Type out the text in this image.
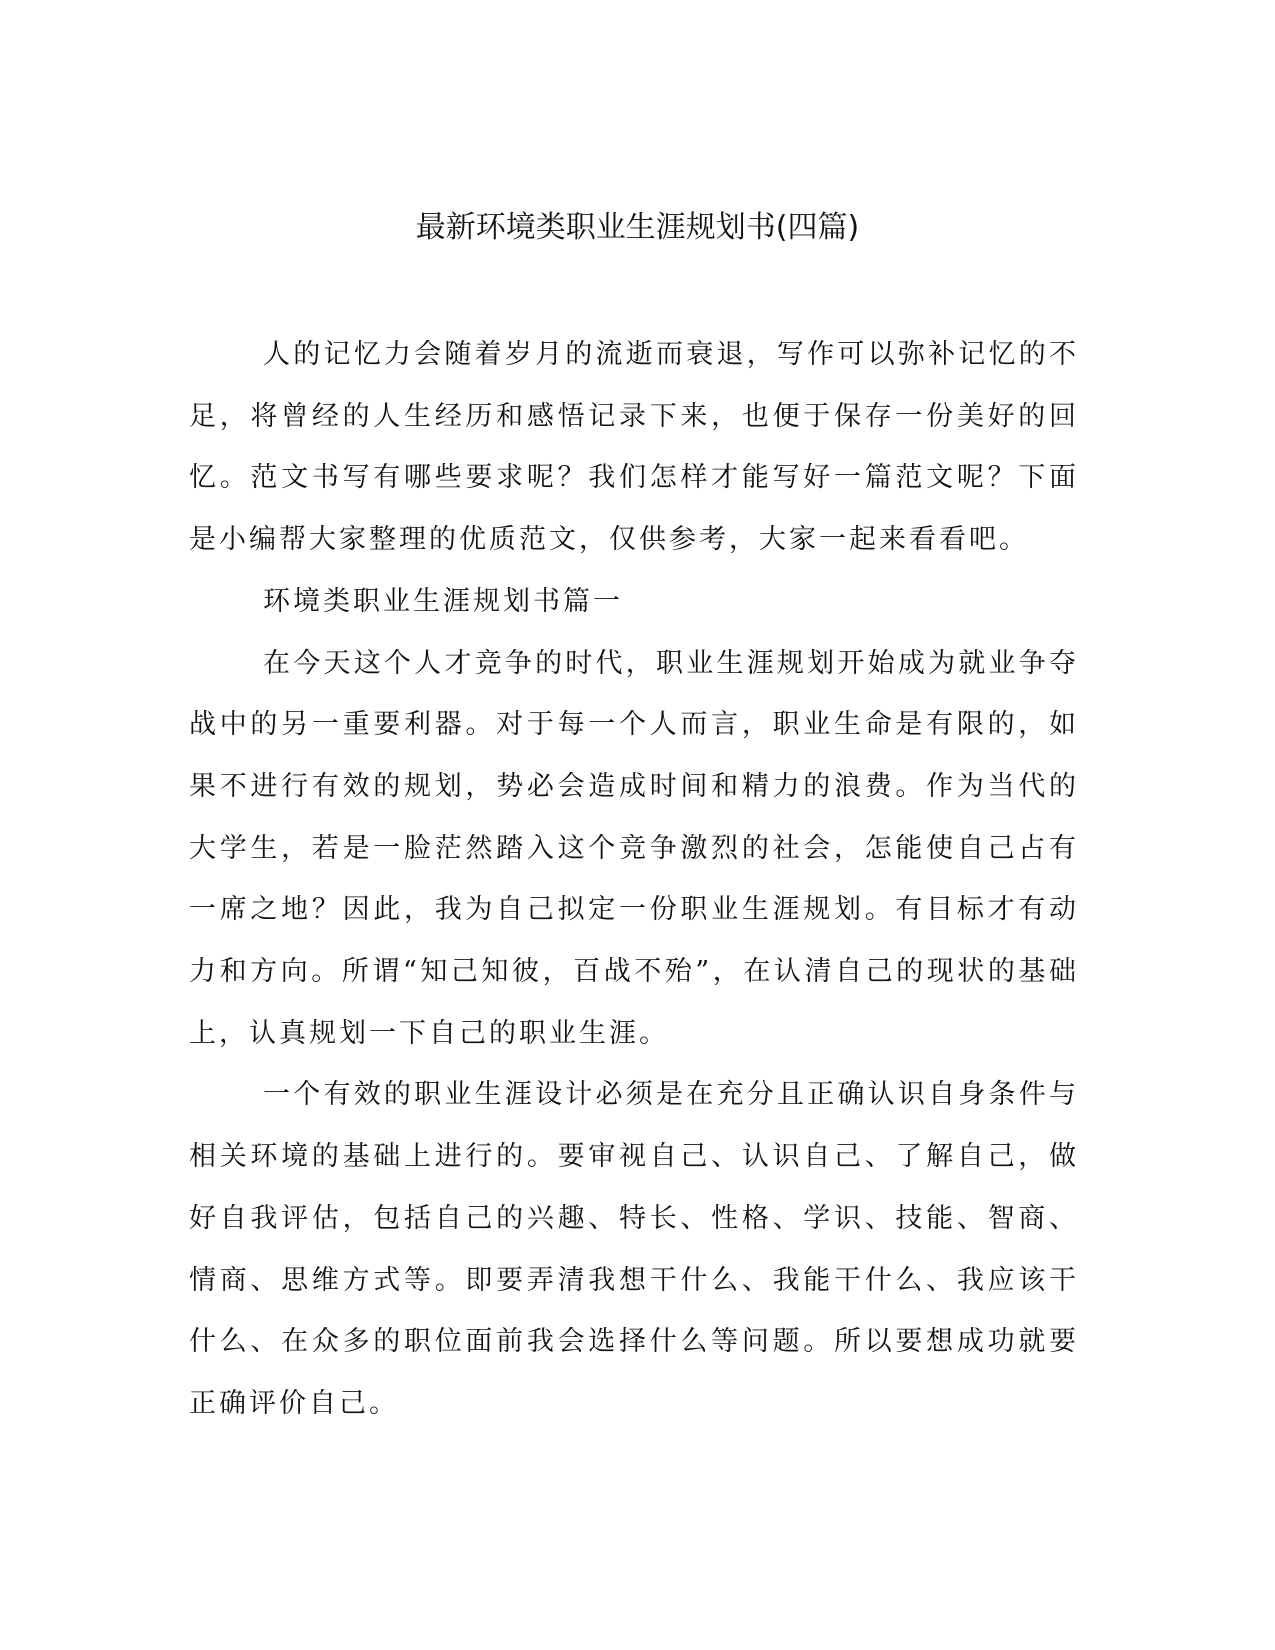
最新环境类职业生涯规划书(四篇)

人的记忆力会随着岁月的流逝而衰退，写作可以弥补记忆的不足，将曾经的人生经历和感悟记录下来，也便于保存一份美好的回忆。范文书写有哪些要求呢？我们怎样才能写好一篇范文呢？下面是小编帮大家整理的优质范文，仅供参考，大家一起来看看吧。

环境类职业生涯规划书篇一

在今天这个人才竞争的时代，职业生涯规划开始成为就业争夺战中的另一重要利器。对于每一个人而言，职业生命是有限的，如果不进行有效的规划，势必会造成时间和精力的浪费。作为当代的大学生，若是一脸茫然踏入这个竞争激烈的社会，怎能使自己占有一席之地？因此，我为自己拟定一份职业生涯规划。有目标才有动力和方向。所谓“知己知彼，百战不殆”，在认清自己的现状的基础上，认真规划一下自己的职业生涯。

一个有效的职业生涯设计必须是在充分且正确认识自身条件与相关环境的基础上进行的。要审视自己、认识自己、了解自己，做好自我评估，包括自己的兴趣、特长、性格、学识、技能、智商、情商、思维方式等。即要弄清我想干什么、我能干什么、我应该干什么、在众多的职位面前我会选择什么等问题。所以要想成功就要正确评价自己。
